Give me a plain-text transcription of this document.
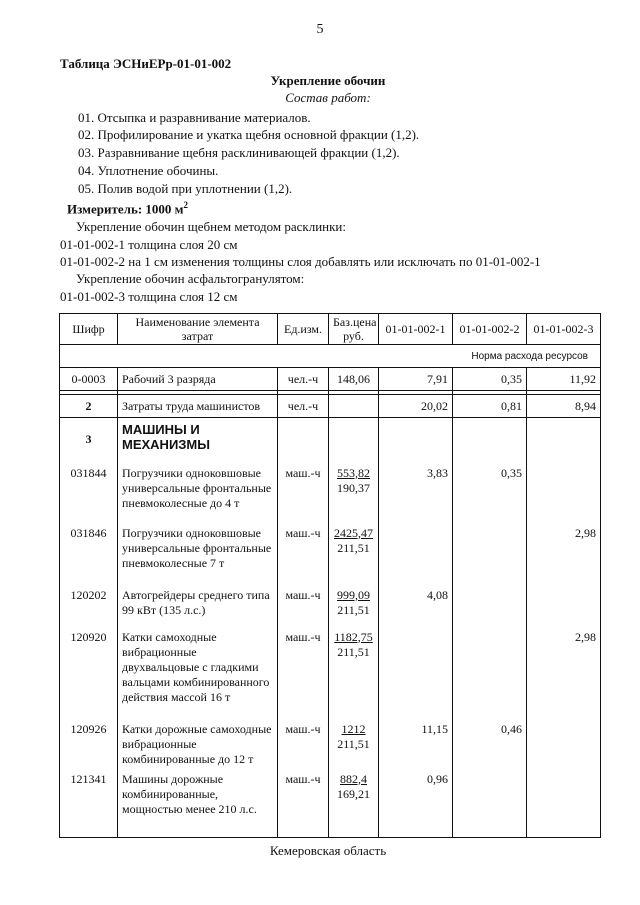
5
Таблица ЭСНиЕРр-01-01-002
Укрепление обочин
Состав работ:
01. Отсыпка и разравнивание материалов.
02. Профилирование и укатка щебня основной фракции (1,2).
03. Разравнивание щебня расклинивающей фракции (1,2).
04. Уплотнение обочины.
05. Полив водой при уплотнении (1,2).
Измеритель: 1000 $м^2$
Укрепление обочин щебнем методом расклинки:
01-01-002-1 толщина слоя 20 см
01-01-002-2 на 1 см изменения толщины слоя добавлять или исключать по 01-01-002-1
Укрепление обочин асфальтогранулятом:
01-01-002-3 толщина слоя 12 см
Шифр	Наименование элемента затрат	Ед.изм.	Баз.цена руб.	01-01-002-1	01-01-002-2	01-01-002-3
Норма расхода ресурсов						
0-0003	Рабочий 3 разряда	чел.-ч	148,06	7,91	0,35	11,92

2	Затраты труда машинистов	чел.-ч		20,02	0,81	8,94
3	МАШИНЫ И МЕХАНИЗМЫ					
031844	Погрузчики одноковшовые универсальные фронтальные пневмоколесные до 4 т	маш.-ч	553,82
190,37	3,83	0,35	
031846	Погрузчики одноковшовые универсальные фронтальные пневмоколесные 7 т	маш.-ч	2425,47
211,51			2,98
120202	Автогрейдеры среднего типа 99 кВт (135 л.с.)	маш.-ч	999,09
211,51	4,08		
120920	Катки самоходные вибрационные двухвальцовые с гладкими вальцами комбинированного действия массой 16 т	маш.-ч	1182,75
211,51			2,98
120926	Катки дорожные самоходные вибрационные комбинированные до 12 т	маш.-ч	1212
211,51	11,15	0,46	
121341	Машины дорожные комбинированные, мощностью менее 210 л.с.	маш.-ч	882,4
169,21	0,96		
Кемеровская область
